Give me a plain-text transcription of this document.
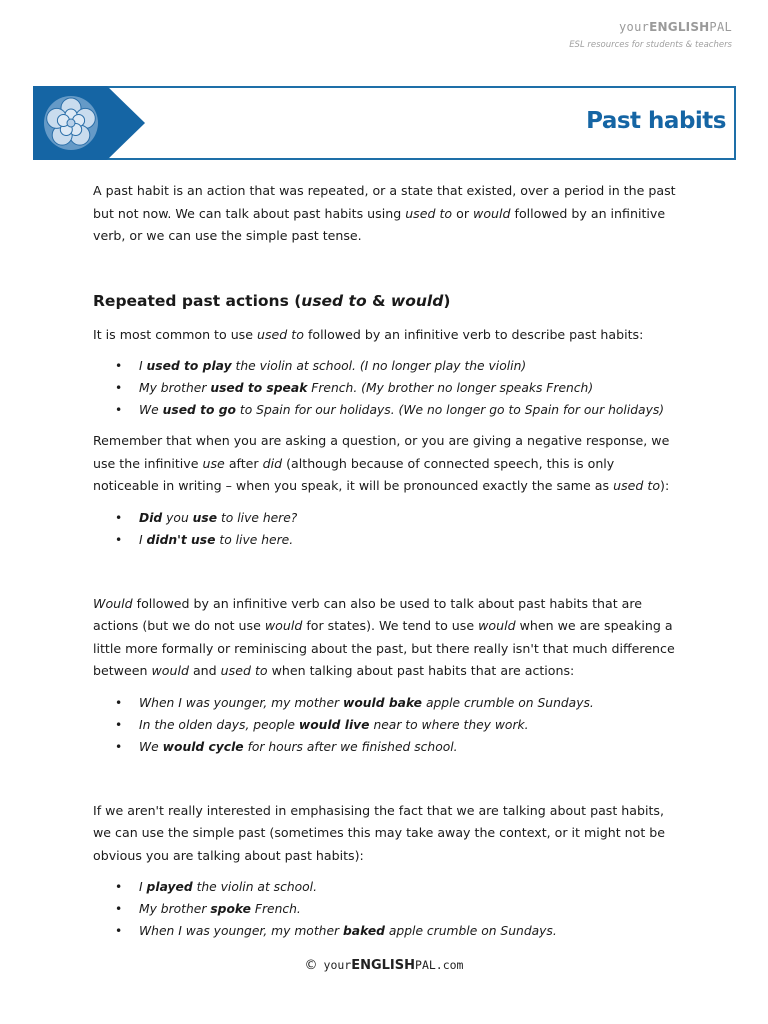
yourENGLISHPAL
ESL resources for students & teachers
Past habits

A past habit is an action that was repeated, or a state that existed, over a period in the past but not now. We can talk about past habits using used to or would followed by an infinitive verb, or we can use the simple past tense.

Repeated past actions (used to & would)

It is most common to use used to followed by an infinitive verb to describe past habits:

• I used to play the violin at school. (I no longer play the violin)
• My brother used to speak French. (My brother no longer speaks French)
• We used to go to Spain for our holidays. (We no longer go to Spain for our holidays)

Remember that when you are asking a question, or you are giving a negative response, we use the infinitive use after did (although because of connected speech, this is only noticeable in writing – when you speak, it will be pronounced exactly the same as used to):

• Did you use to live here?
• I didn't use to live here.

Would followed by an infinitive verb can also be used to talk about past habits that are actions (but we do not use would for states). We tend to use would when we are speaking a little more formally or reminiscing about the past, but there really isn't that much difference between would and used to when talking about past habits that are actions:

• When I was younger, my mother would bake apple crumble on Sundays.
• In the olden days, people would live near to where they work.
• We would cycle for hours after we finished school.

If we aren't really interested in emphasising the fact that we are talking about past habits, we can use the simple past (sometimes this may take away the context, or it might not be obvious you are talking about past habits):

• I played the violin at school.
• My brother spoke French.
• When I was younger, my mother baked apple crumble on Sundays.
© yourENGLISHPAL.com
